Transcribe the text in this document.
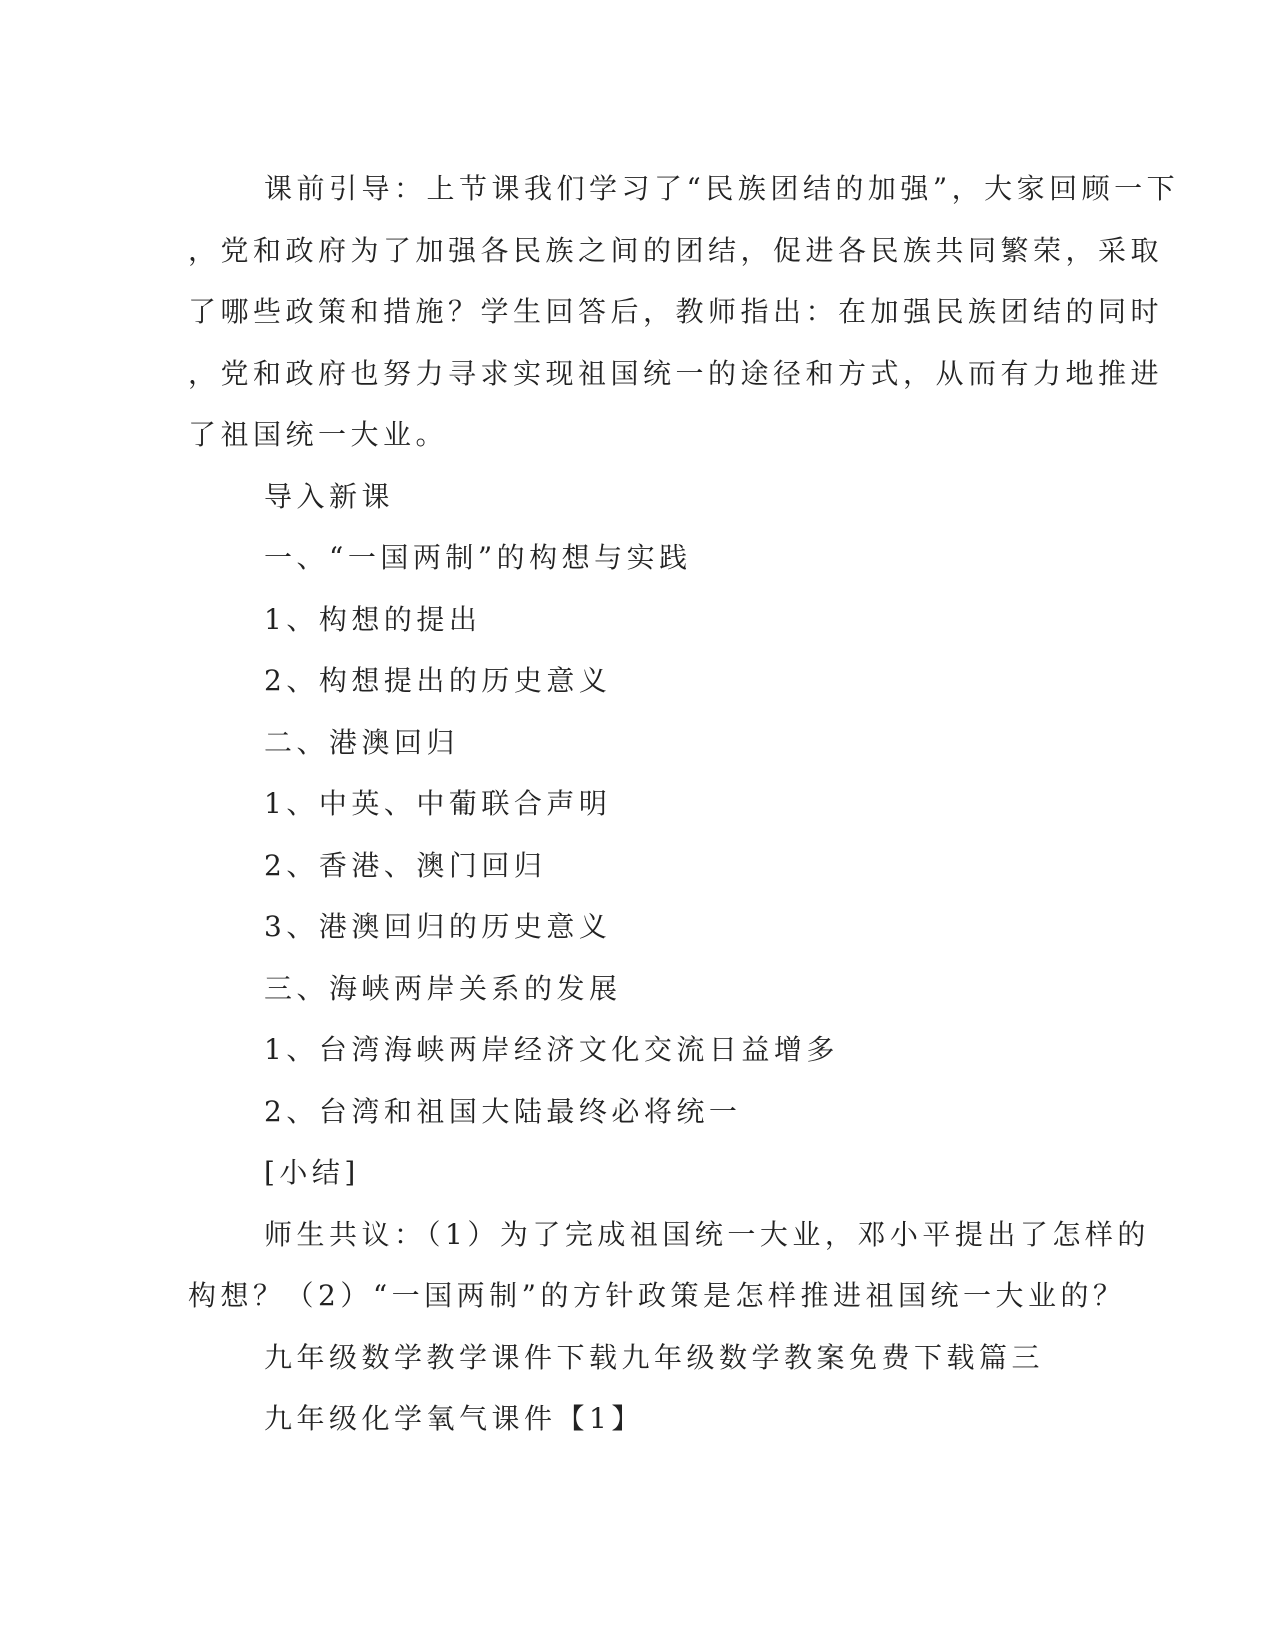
课前引导：上节课我们学习了“民族团结的加强”，大家回顾一下
，党和政府为了加强各民族之间的团结，促进各民族共同繁荣，采取
了哪些政策和措施？学生回答后，教师指出：在加强民族团结的同时
，党和政府也努力寻求实现祖国统一的途径和方式，从而有力地推进
了祖国统一大业。
导入新课
一、“一国两制”的构想与实践
1、构想的提出
2、构想提出的历史意义
二、港澳回归
1、中英、中葡联合声明
2、香港、澳门回归
3、港澳回归的历史意义
三、海峡两岸关系的发展
1、台湾海峡两岸经济文化交流日益增多
2、台湾和祖国大陆最终必将统一
[小结]
师生共议：（1）为了完成祖国统一大业，邓小平提出了怎样的
构想？（2）“一国两制”的方针政策是怎样推进祖国统一大业的？
九年级数学教学课件下载九年级数学教案免费下载篇三
九年级化学氧气课件【1】
